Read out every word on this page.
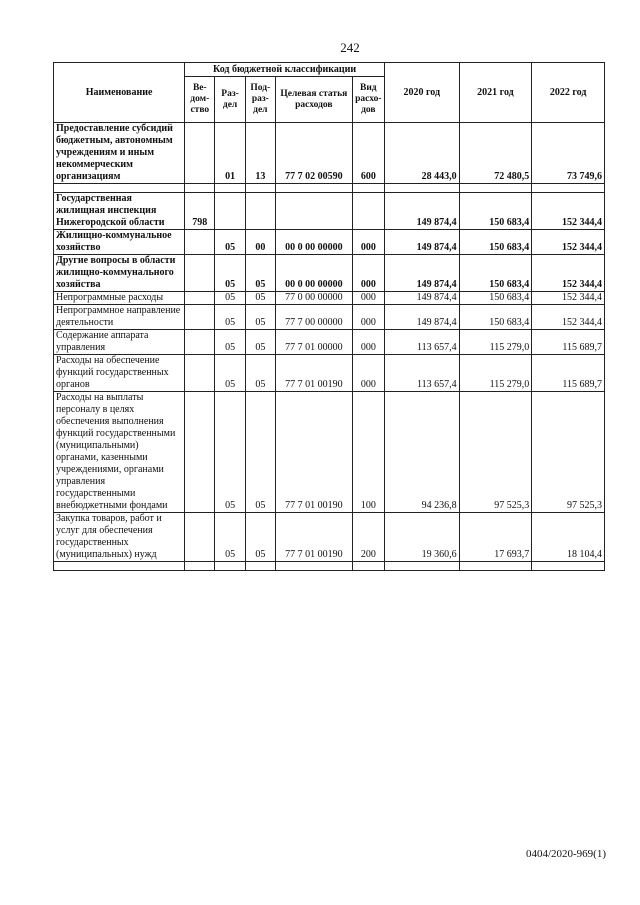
242
Наименование	Код бюджетной классификации					2020 год	2021 год	2022 год
	Ве-дом-ство	Раз-дел	Под-раз-дел	Целевая статья расходов	Вид расхо-дов			
Предоставление субсидий бюджетным, автономным учреждениям и иным некоммерческим организациям		01	13	77 7 02 00590	600	28 443,0	72 480,5	73 749,6

Государственная жилищная инспекция Нижегородской области	798					149 874,4	150 683,4	152 344,4
Жилищно-коммунальное хозяйство		05	00	00 0 00 00000	000	149 874,4	150 683,4	152 344,4
Другие вопросы в области жилищно-коммунального хозяйства		05	05	00 0 00 00000	000	149 874,4	150 683,4	152 344,4
Непрограммные расходы		05	05	77 0 00 00000	000	149 874,4	150 683,4	152 344,4
Непрограммное направление деятельности		05	05	77 7 00 00000	000	149 874,4	150 683,4	152 344,4
Содержание аппарата управления		05	05	77 7 01 00000	000	113 657,4	115 279,0	115 689,7
Расходы на обеспечение функций государственных органов		05	05	77 7 01 00190	000	113 657,4	115 279,0	115 689,7
Расходы на выплаты персоналу в целях обеспечения выполнения функций государственными (муниципальными) органами, казенными учреждениями, органами управления государственными внебюджетными фондами		05	05	77 7 01 00190	100	94 236,8	97 525,3	97 525,3
Закупка товаров, работ и услуг для обеспечения государственных (муниципальных) нужд		05	05	77 7 01 00190	200	19 360,6	17 693,7	18 104,4

0404/2020-969(1)
